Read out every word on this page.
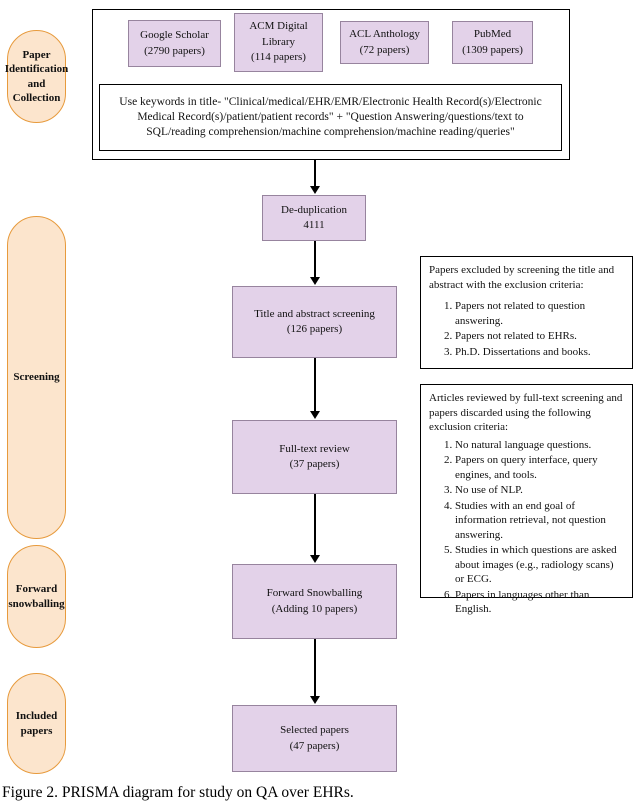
Paper Identification and Collection
Screening
Forward snowballing
Included papers
Google Scholar
(2790 papers)
ACM Digital Library
(114 papers)
ACL Anthology
(72 papers)
PubMed
(1309 papers)
Use keywords in title- "Clinical/medical/EHR/EMR/Electronic Health Record(s)/Electronic Medical Record(s)/patient/patient records" + "Question Answering/questions/text to SQL/reading comprehension/machine comprehension/machine reading/queries"
De-duplication
4111
Title and abstract screening
(126 papers)
Full-text review
(37 papers)
Forward Snowballing
(Adding 10 papers)
Selected papers
(47 papers)
Papers excluded by screening the title and abstract with the exclusion criteria:
1. Papers not related to question answering.
2. Papers not related to EHRs.
3. Ph.D. Dissertations and books.
Articles reviewed by full-text screening and papers discarded using the following exclusion criteria:
1. No natural language questions.
2. Papers on query interface, query engines, and tools.
3. No use of NLP.
4. Studies with an end goal of information retrieval, not question answering.
5. Studies in which questions are asked about images (e.g., radiology scans) or ECG.
6. Papers in languages other than English.
Figure 2. PRISMA diagram for study on QA over EHRs.
